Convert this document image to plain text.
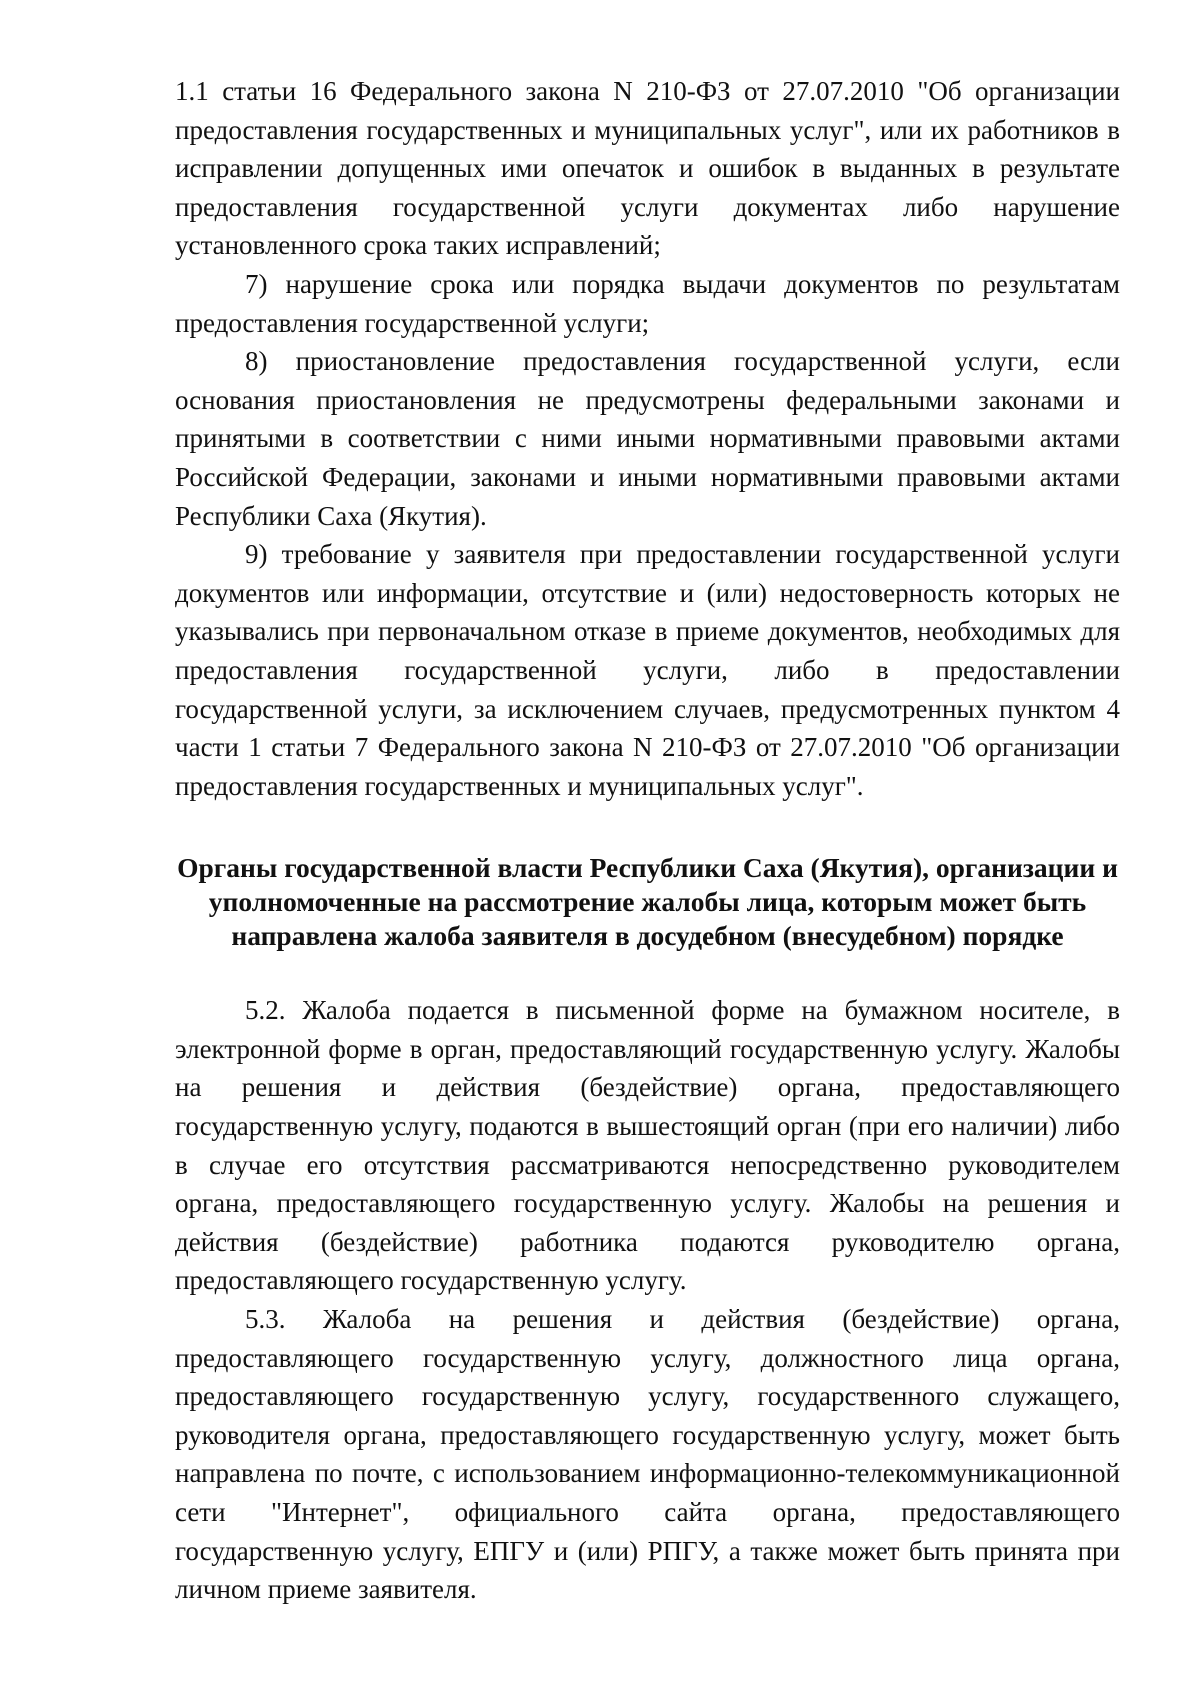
1.1 статьи 16 Федерального закона N 210-ФЗ от 27.07.2010 "Об организации предоставления государственных и муниципальных услуг", или их работников в исправлении допущенных ими опечаток и ошибок в выданных в результате предоставления государственной услуги документах либо нарушение установленного срока таких исправлений;

7) нарушение срока или порядка выдачи документов по результатам предоставления государственной услуги;

8) приостановление предоставления государственной услуги, если основания приостановления не предусмотрены федеральными законами и принятыми в соответствии с ними иными нормативными правовыми актами Российской Федерации, законами и иными нормативными правовыми актами Республики Саха (Якутия).

9) требование у заявителя при предоставлении государственной услуги документов или информации, отсутствие и (или) недостоверность которых не указывались при первоначальном отказе в приеме документов, необходимых для предоставления государственной услуги, либо в предоставлении государственной услуги, за исключением случаев, предусмотренных пунктом 4 части 1 статьи 7 Федерального закона N 210-ФЗ от 27.07.2010 "Об организации предоставления государственных и муниципальных услуг".

Органы государственной власти Республики Саха (Якутия), организации и уполномоченные на рассмотрение жалобы лица, которым может быть направлена жалоба заявителя в досудебном (внесудебном) порядке

5.2. Жалоба подается в письменной форме на бумажном носителе, в электронной форме в орган, предоставляющий государственную услугу. Жалобы на решения и действия (бездействие) органа, предоставляющего государственную услугу, подаются в вышестоящий орган (при его наличии) либо в случае его отсутствия рассматриваются непосредственно руководителем органа, предоставляющего государственную услугу. Жалобы на решения и действия (бездействие) работника подаются руководителю органа, предоставляющего государственную услугу.

5.3. Жалоба на решения и действия (бездействие) органа, предоставляющего государственную услугу, должностного лица органа, предоставляющего государственную услугу, государственного служащего, руководителя органа, предоставляющего государственную услугу, может быть направлена по почте, с использованием информационно-телекоммуникационной сети "Интернет", официального сайта органа, предоставляющего государственную услугу, ЕПГУ и (или) РПГУ, а также может быть принята при личном приеме заявителя.
